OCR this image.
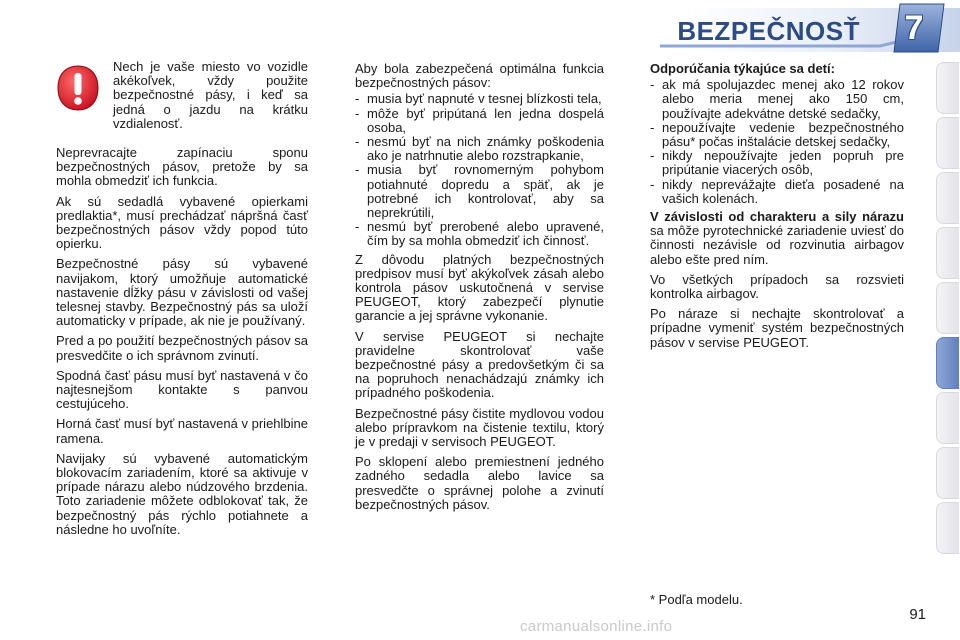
BEZPEČNOSŤ 7
Nech je vaše miesto vo vozidle akékoľvek, vždy použite bezpečnostné pásy, i keď sa jedná o jazdu na krátku vzdialenosť.

Neprevracajte zapínaciu sponu bezpečnostných pásov, pretože by sa mohla obmedziť ich funkcia.

Ak sú sedadlá vybavené opierkami predlaktia*, musí prechádzať nápršná časť bezpečnostných pásov vždy popod túto opierku.

Bezpečnostné pásy sú vybavené navijakom, ktorý umožňuje automatické nastavenie dĺžky pásu v závislosti od vašej telesnej stavby. Bezpečnostný pás sa uloží automaticky v prípade, ak nie je používaný.

Pred a po použití bezpečnostných pásov sa presvedčite o ich správnom zvinutí.

Spodná časť pásu musí byť nastavená v čo najtesnejšom kontakte s panvou cestujúceho.

Horná časť musí byť nastavená v priehlbine ramena.

Navijaky sú vybavené automatickým blokovacím zariadením, ktoré sa aktivuje v prípade nárazu alebo núdzového brzdenia. Toto zariadenie môžete odblokovať tak, že bezpečnostný pás rýchlo potiahnete a následne ho uvoľníte.

Aby bola zabezpečená optimálna funkcia bezpečnostných pásov:

- musia byť napnuté v tesnej blízkosti tela,
- môže byť pripútaná len jedna dospelá osoba,
- nesmú byť na nich známky poškodenia ako je natrhnutie alebo rozstrapkanie,
- musia byť rovnomerným pohybom potiahnuté dopredu a späť, ak je potrebné ich kontrolovať, aby sa neprekrútili,
- nesmú byť prerobené alebo upravené, čím by sa mohla obmedziť ich činnosť.

Z dôvodu platných bezpečnostných predpisov musí byť akýkoľvek zásah alebo kontrola pásov uskutočnená v servise PEUGEOT, ktorý zabezpečí plynutie garancie a jej správne vykonanie.

V servise PEUGEOT si nechajte pravidelne skontrolovať vaše bezpečnostné pásy a predovšetkým či sa na popruhoch nenachádzajú známky ich prípadného poškodenia.

Bezpečnostné pásy čistite mydlovou vodou alebo prípravkom na čistenie textilu, ktorý je v predaji v servisoch PEUGEOT.

Po sklopení alebo premiestnení jedného zadného sedadla alebo lavice sa presvedčte o správnej polohe a zvinutí bezpečnostných pásov.

Odporúčania týkajúce sa detí:

- ak má spolujazdec menej ako 12 rokov alebo meria menej ako 150 cm, používajte adekvátne detské sedačky,
- nepoužívajte vedenie bezpečnostného pásu* počas inštalácie detskej sedačky,
- nikdy nepoužívajte jeden popruh pre pripútanie viacerých osôb,
- nikdy neprevážajte dieťa posadené na vašich kolenách.

V závislosti od charakteru a sily nárazu sa môže pyrotechnické zariadenie uviesť do činnosti nezávisle od rozvinutia airbagov alebo ešte pred ním.

Vo všetkých prípadoch sa rozsvieti kontrolka airbagov.

Po náraze si nechajte skontrolovať a prípadne vymeniť systém bezpečnostných pásov v servise PEUGEOT.

* Podľa modelu.
91
carmanualsonline.info
